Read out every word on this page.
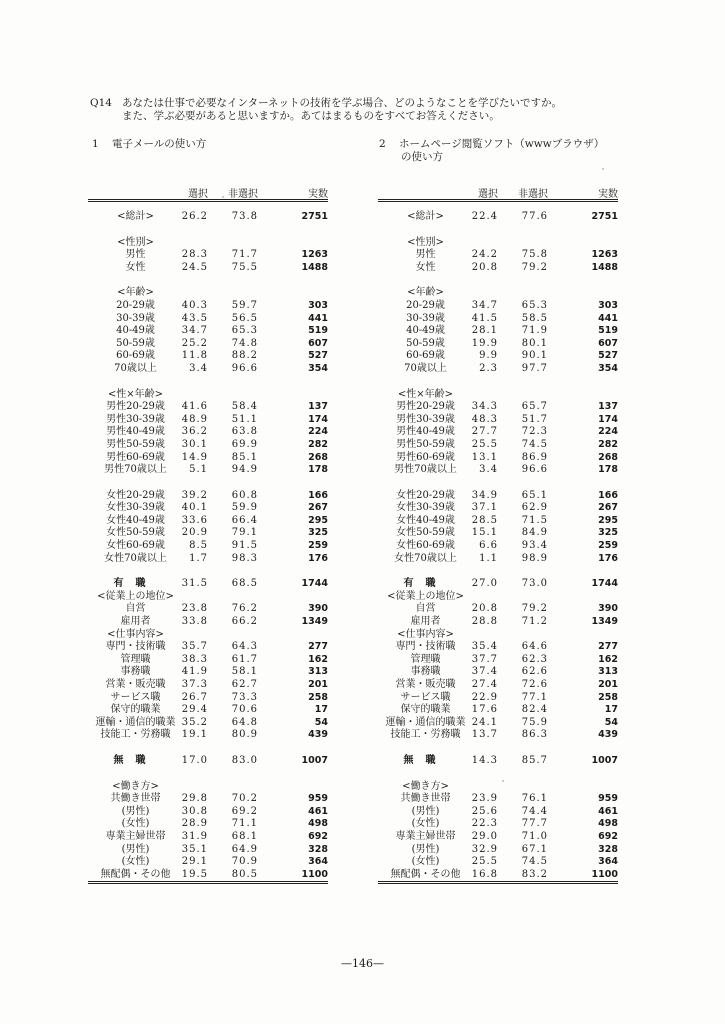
Q14 あなたは仕事で必要なインターネットの技術を学ぶ場合、どのようなことを学びたいですか。
また、学ぶ必要があると思いますか。あてはまるものをすべてお答えください。
1 電子メールの使い方	2 ホームページ閲覧ソフト（wwwブラウザ）
の使い方
選択	非選択	実数
<総計>	26.2	73.8	2751
<性別>
男性	28.3	71.7	1263
女性	24.5	75.5	1488
<年齢>
20-29歳	40.3	59.7	303
30-39歳	43.5	56.5	441
40-49歳	34.7	65.3	519
50-59歳	25.2	74.8	607
60-69歳	11.8	88.2	527
70歳以上	3.4	96.6	354
<性×年齢>
男性20-29歳	41.6	58.4	137
男性30-39歳	48.9	51.1	174
男性40-49歳	36.2	63.8	224
男性50-59歳	30.1	69.9	282
男性60-69歳	14.9	85.1	268
男性70歳以上	5.1	94.9	178
女性20-29歳	39.2	60.8	166
女性30-39歳	40.1	59.9	267
女性40-49歳	33.6	66.4	295
女性50-59歳	20.9	79.1	325
女性60-69歳	8.5	91.5	259
女性70歳以上	1.7	98.3	176
有職	31.5	68.5	1744
<従業上の地位>
自営	23.8	76.2	390
雇用者	33.8	66.2	1349
<仕事内容>
専門・技術職	35.7	64.3	277
管理職	38.3	61.7	162
事務職	41.9	58.1	313
営業・販売職	37.3	62.7	201
サービス職	26.7	73.3	258
保守的職業	29.4	70.6	17
運輸・通信的職業 35.2	64.8	54
技能工・労務職	19.1	80.9	439
無職	17.0	83.0	1007
<働き方>
共働き世帯	29.8	70.2	959
(男性)	30.8	69.2	461
(女性)	28.9	71.1	498
専業主婦世帯	31.9	68.1	692
(男性)	35.1	64.9	328
(女性)	29.1	70.9	364
無配偶・その他	19.5	80.5	1100
選択	非選択	実数
<総計>	22.4	77.6	2751
<性別>
男性	24.2	75.8	1263
女性	20.8	79.2	1488
<年齢>
20-29歳	34.7	65.3	303
30-39歳	41.5	58.5	441
40-49歳	28.1	71.9	519
50-59歳	19.9	80.1	607
60-69歳	9.9	90.1	527
70歳以上	2.3	97.7	354
<性×年齢>
男性20-29歳	34.3	65.7	137
男性30-39歳	48.3	51.7	174
男性40-49歳	27.7	72.3	224
男性50-59歳	25.5	74.5	282
男性60-69歳	13.1	86.9	268
男性70歳以上	3.4	96.6	178
女性20-29歳	34.9	65.1	166
女性30-39歳	37.1	62.9	267
女性40-49歳	28.5	71.5	295
女性50-59歳	15.1	84.9	325
女性60-69歳	6.6	93.4	259
女性70歳以上	1.1	98.9	176
有職	27.0	73.0	1744
<従業上の地位>
自営	20.8	79.2	390
雇用者	28.8	71.2	1349
<仕事内容>
専門・技術職	35.4	64.6	277
管理職	37.7	62.3	162
事務職	37.4	62.6	313
営業・販売職	27.4	72.6	201
サービス職	22.9	77.1	258
保守的職業	17.6	82.4	17
運輸・通信的職業 24.1	75.9	54
技能工・労務職	13.7	86.3	439
無職	14.3	85.7	1007
<働き方>
共働き世帯	23.9	76.1	959
(男性)	25.6	74.4	461
(女性)	22.3	77.7	498
専業主婦世帯	29.0	71.0	692
(男性)	32.9	67.1	328
(女性)	25.5	74.5	364
無配偶・その他	16.8	83.2	1100
—146—
